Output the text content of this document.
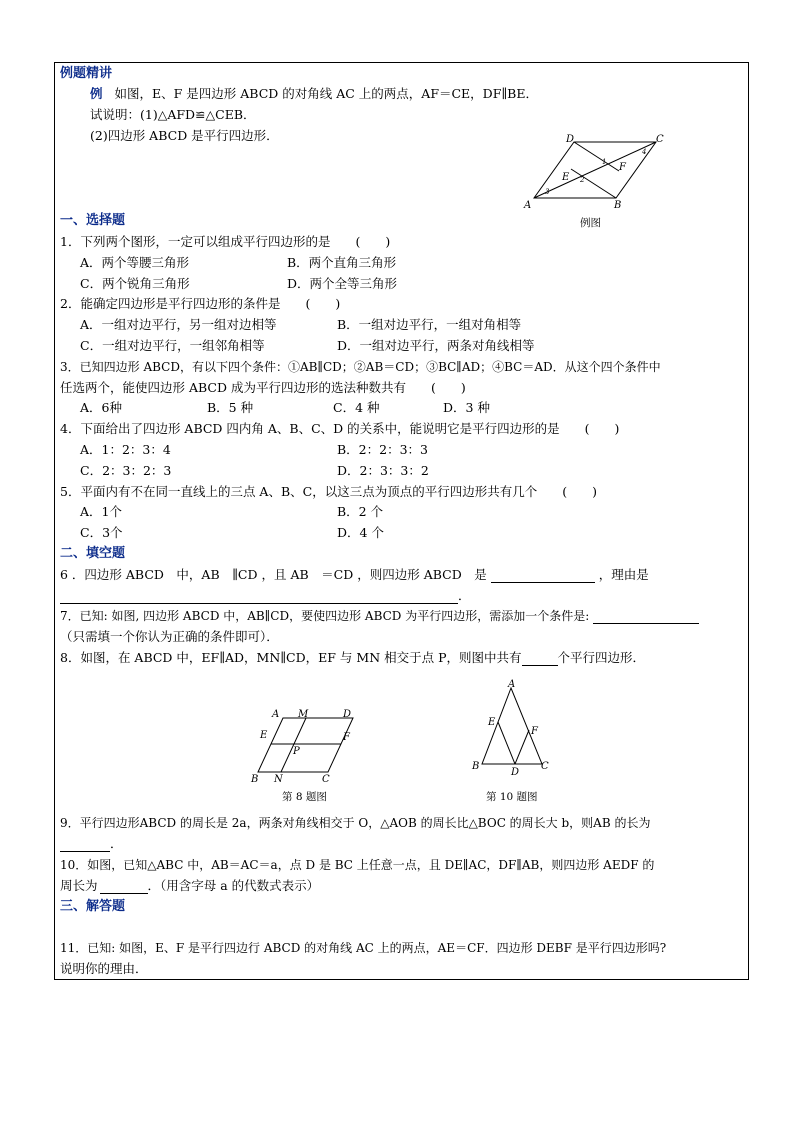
例题精讲
例 如图，E、F 是四边形 ABCD 的对角线 AC 上的两点，AF＝CE，DF∥BE．
试说明：(1)△AFD≌△CEB．
(2)四边形 ABCD 是平行四边形．
A	B
C
D
E
F
1
2
3
4
例图
一、选择题
1．下列两个图形，一定可以组成平行四边形的是　　(　　)
A．两个等腰三角形	B．两个直角三角形
C．两个锐角三角形	D．两个全等三角形
2．能确定四边形是平行四边形的条件是　　(　　)
A．一组对边平行，另一组对边相等	B．一组对边平行，一组对角相等
C．一组对边平行，一组邻角相等	D．一组对边平行，两条对角线相等
3．已知四边形 ABCD，有以下四个条件：①AB∥CD；②AB＝CD；③BC∥AD；④BC＝AD．从这个四个条件中
任选两个，能使四边形 ABCD 成为平行四边形的选法种数共有　　(　　)
A．6种	B．5 种	C．4 种	D．3 种
4．下面给出了四边形 ABCD 四内角 A、B、C、D 的关系中，能说明它是平行四边形的是　　(　　)
A．1：2：3：4	B．2：2：3：3
C．2：3：2：3	D．2：3：3：2
5．平面内有不在同一直线上的三点 A、B、C，以这三点为顶点的平行四边形共有几个　　(　　)
A．1个	B．2 个
C．3个	D．4 个
二、填空题
6 ．四边形 ABCD　中，AB　∥CD ，且 AB　＝CD ，则四边形 ABCD　是	，理由是
．
7．已知: 如图, 四边形 ABCD 中，AB∥CD，要使四边形 ABCD 为平行四边形，需添加一个条件是:
（只需填一个你认为正确的条件即可）．
8．如图，在 ABCD 中，EF∥AD，MN∥CD，EF 与 MN 相交于点 P，则图中共有	个平行四边形．
A M	D
E
P
F
B N	C
第 8 题图
A
E
F
B
D
C
第 10 题图
9．平行四边形ABCD 的周长是 2a，两条对角线相交于 O，△AOB 的周长比△BOC 的周长大 b，则AB 的长为
．
10．如图，已知△ABC 中，AB＝AC＝a，点 D 是 BC 上任意一点，且 DE∥AC，DF∥AB，则四边形 AEDF 的
周长为	．（用含字母 a 的代数式表示）
三、解答题
11．已知: 如图，E、F 是平行四边行 ABCD 的对角线 AC 上的两点，AE＝CF．四边形 DEBF 是平行四边形吗?
说明你的理由．
